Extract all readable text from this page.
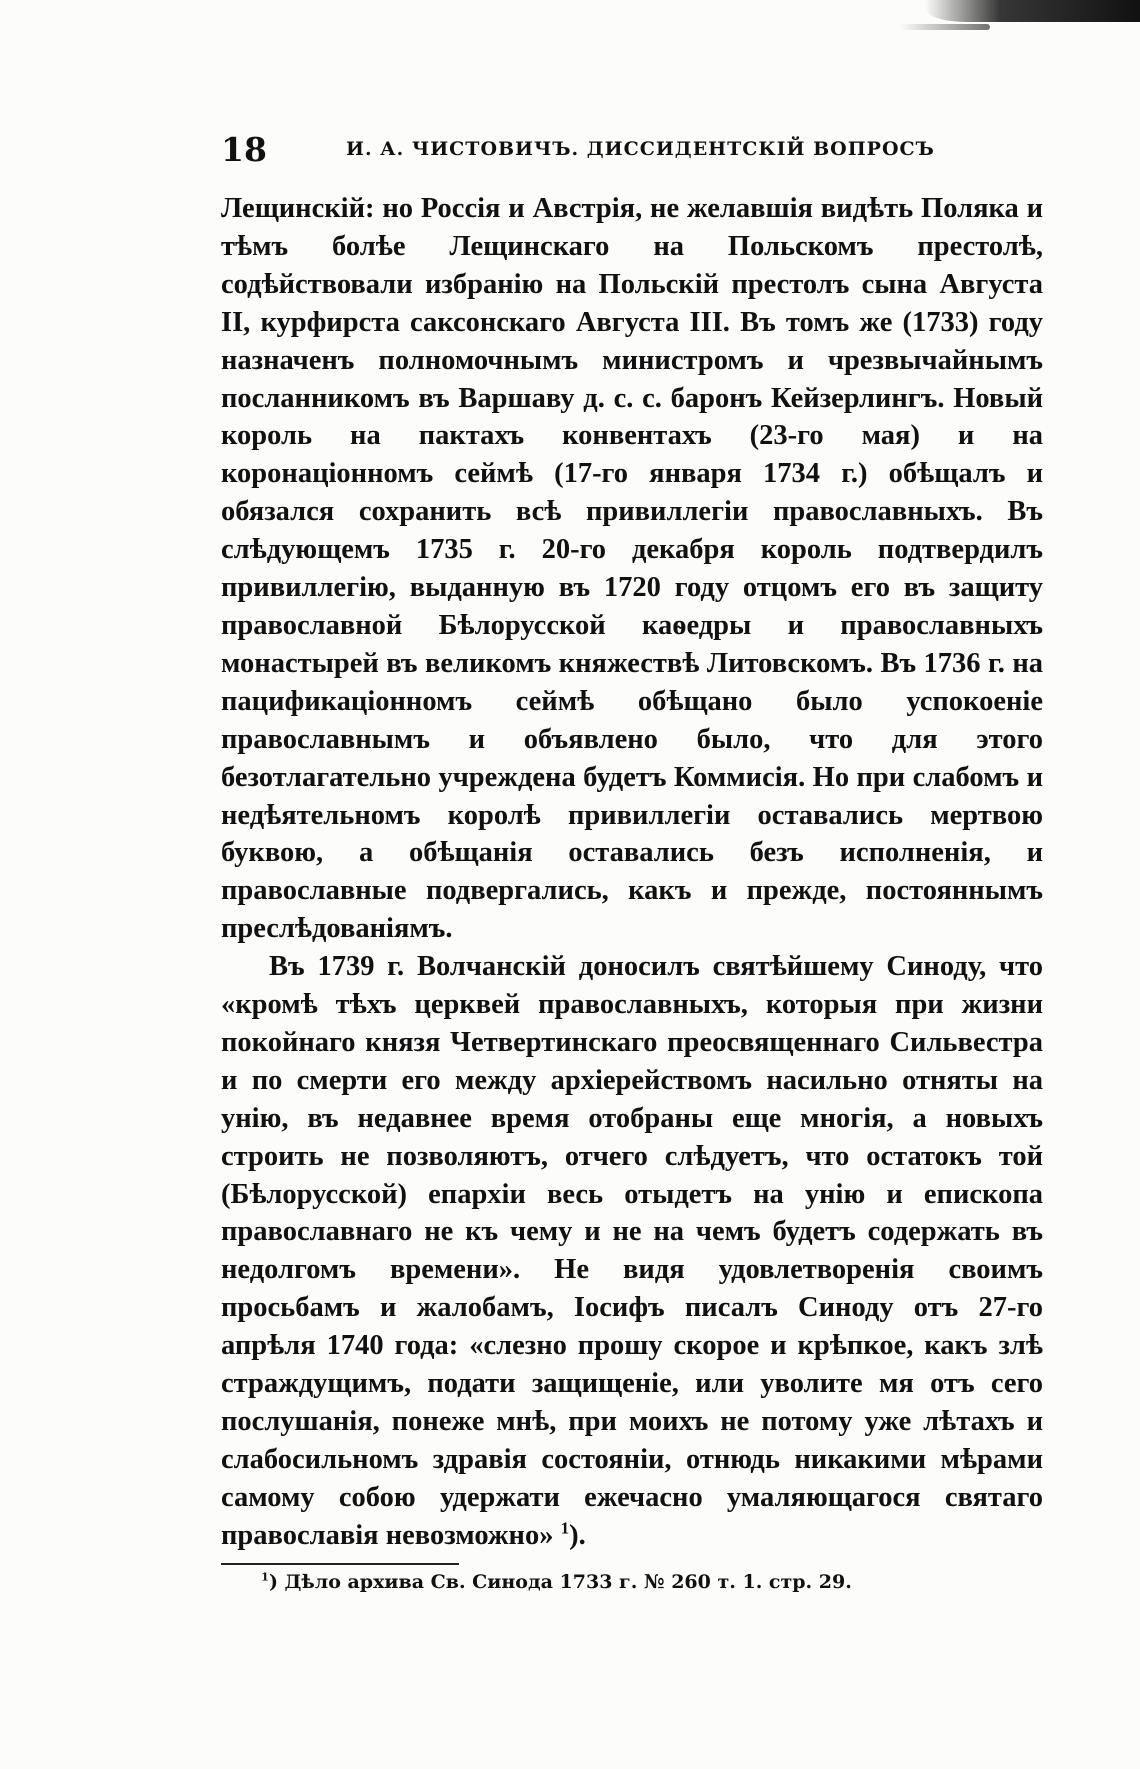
18	И. А. ЧИСТОВИЧЪ. ДИССИДЕНТСКІЙ ВОПРОСЪ

Лещинскій: но Россія и Австрія, не желавшія видѣть Поляка и тѣмъ болѣе Лещинскаго на Польскомъ престолѣ, содѣйствовали избранію на Польскій престолъ сына Августа II, курфирста саксонскаго Августа III. Въ томъ же (1733) году назначенъ полномочнымъ министромъ и чрезвычайнымъ посланникомъ въ Варшаву д. с. с. баронъ Кейзерлингъ. Новый король на пактахъ конвентахъ (23-го мая) и на коронаціонномъ сеймѣ (17-го января 1734 г.) обѣщалъ и обязался сохранить всѣ привиллегіи православныхъ. Въ слѣдующемъ 1735 г. 20-го декабря король подтвердилъ привиллегію, выданную въ 1720 году отцомъ его въ защиту православной Бѣлорусской каѳедры и православныхъ монастырей въ великомъ княжествѣ Литовскомъ. Въ 1736 г. на пацификаціонномъ сеймѣ обѣщано было успокоеніе православнымъ и объявлено было, что для этого безотлагательно учреждена будетъ Коммисія. Но при слабомъ и недѣятельномъ королѣ привиллегіи оставались мертвою буквою, а обѣщанія оставались безъ исполненія, и православные подвергались, какъ и прежде, постояннымъ преслѣдованіямъ.

Въ 1739 г. Волчанскій доносилъ святѣйшему Синоду, что «кромѣ тѣхъ церквей православныхъ, которыя при жизни покойнаго князя Четвертинскаго преосвященнаго Сильвестра и по смерти его между архіерействомъ насильно отняты на унію, въ недавнее время отобраны еще многія, а новыхъ строить не позволяютъ, отчего слѣдуетъ, что остатокъ той (Бѣлорусской) епархіи весь отыдетъ на унію и епископа православнаго не къ чему и не на чемъ будетъ содержать въ недолгомъ времени». Не видя удовлетворенія своимъ просьбамъ и жалобамъ, Іосифъ писалъ Синоду отъ 27-го апрѣля 1740 года: «слезно прошу скорое и крѣпкое, какъ злѣ страждущимъ, подати защищеніе, или уволите мя отъ сего послушанія, понеже мнѣ, при моихъ не потому уже лѣтахъ и слабосильномъ здравія состояніи, отнюдь никакими мѣрами самому собою удержати ежечасно умаляющагося святаго православія невозможно» $^1$).

$^1$) Дѣло архива Св. Синода 1733 г. № 260 т. 1. стр. 29.
